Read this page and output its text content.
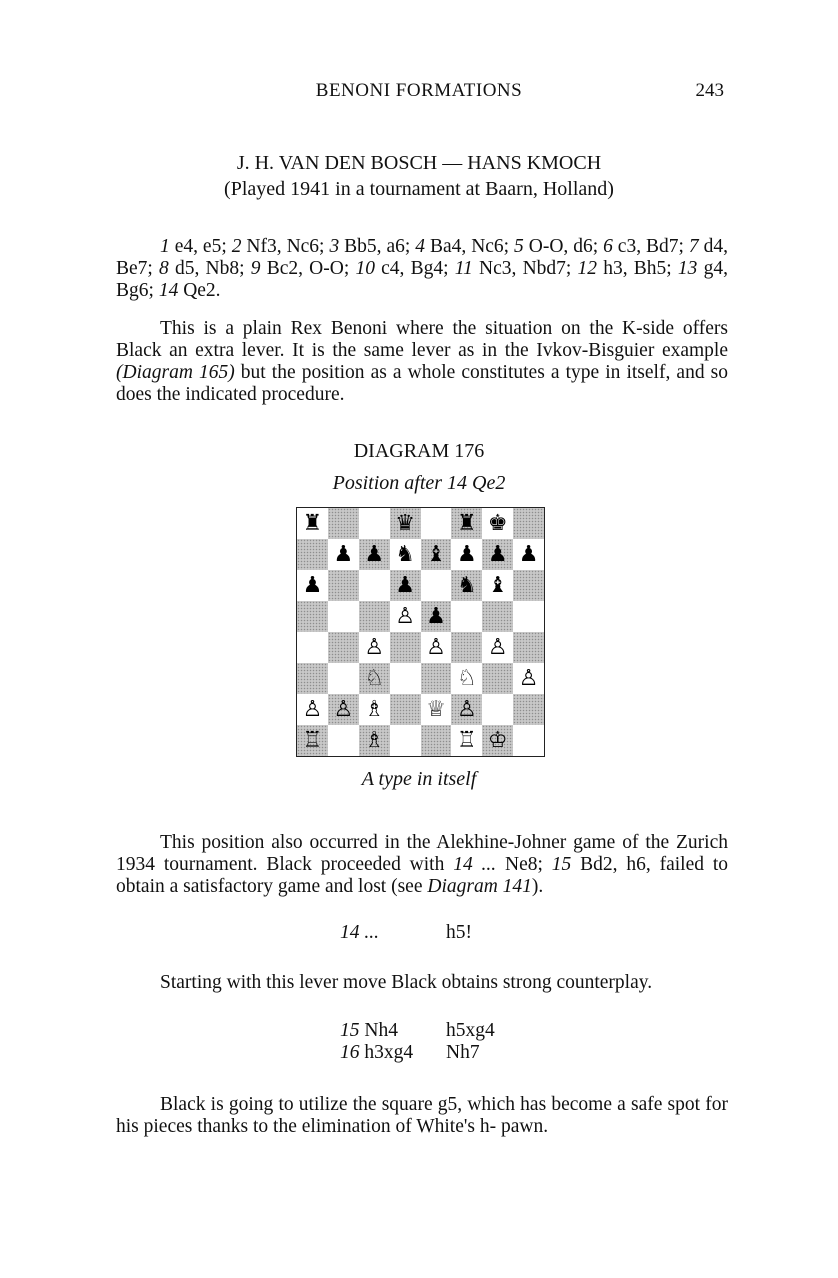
BENONI FORMATIONS	243
J. H. VAN DEN BOSCH — HANS KMOCH
(Played 1941 in a tournament at Baarn, Holland)
1 e4, e5; 2 Nf3, Nc6; 3 Bb5, a6; 4 Ba4, Nc6; 5 O-O, d6; 6 c3, Bd7; 7 d4, Be7; 8 d5, Nb8; 9 Bc2, O-O; 10 c4, Bg4; 11 Nc3, Nbd7; 12 h3, Bh5; 13 g4, Bg6; 14 Qe2.
This is a plain Rex Benoni where the situation on the K-side offers Black an extra lever. It is the same lever as in the Ivkov-Bisguier example (Diagram 165) but the position as a whole constitutes a type in itself, and so does the indicated procedure.
DIAGRAM 176
Position after 14 Qe2
♜	♛ ♜ ♚
♟ ♟ ♞ ♝ ♟ ♟ ♟
♟	♟ ♞ ♝
♙ ♟
♙ ♙ ♙
♘	♘ ♙
♙ ♙ ♗ ♕ ♙
♖ ♗	♖ ♔
A type in itself
This position also occurred in the Alekhine-Johner game of the Zurich 1934 tournament. Black proceeded with 14 ... Ne8; 15 Bd2, h6, failed to obtain a satisfactory game and lost (see Diagram 141).
14 ...	h5!
Starting with this lever move Black obtains strong counterplay.
15 Nh4 h5xg4
16 h3xg4 Nh7
Black is going to utilize the square g5, which has become a safe spot for his pieces thanks to the elimination of White's h- pawn.
